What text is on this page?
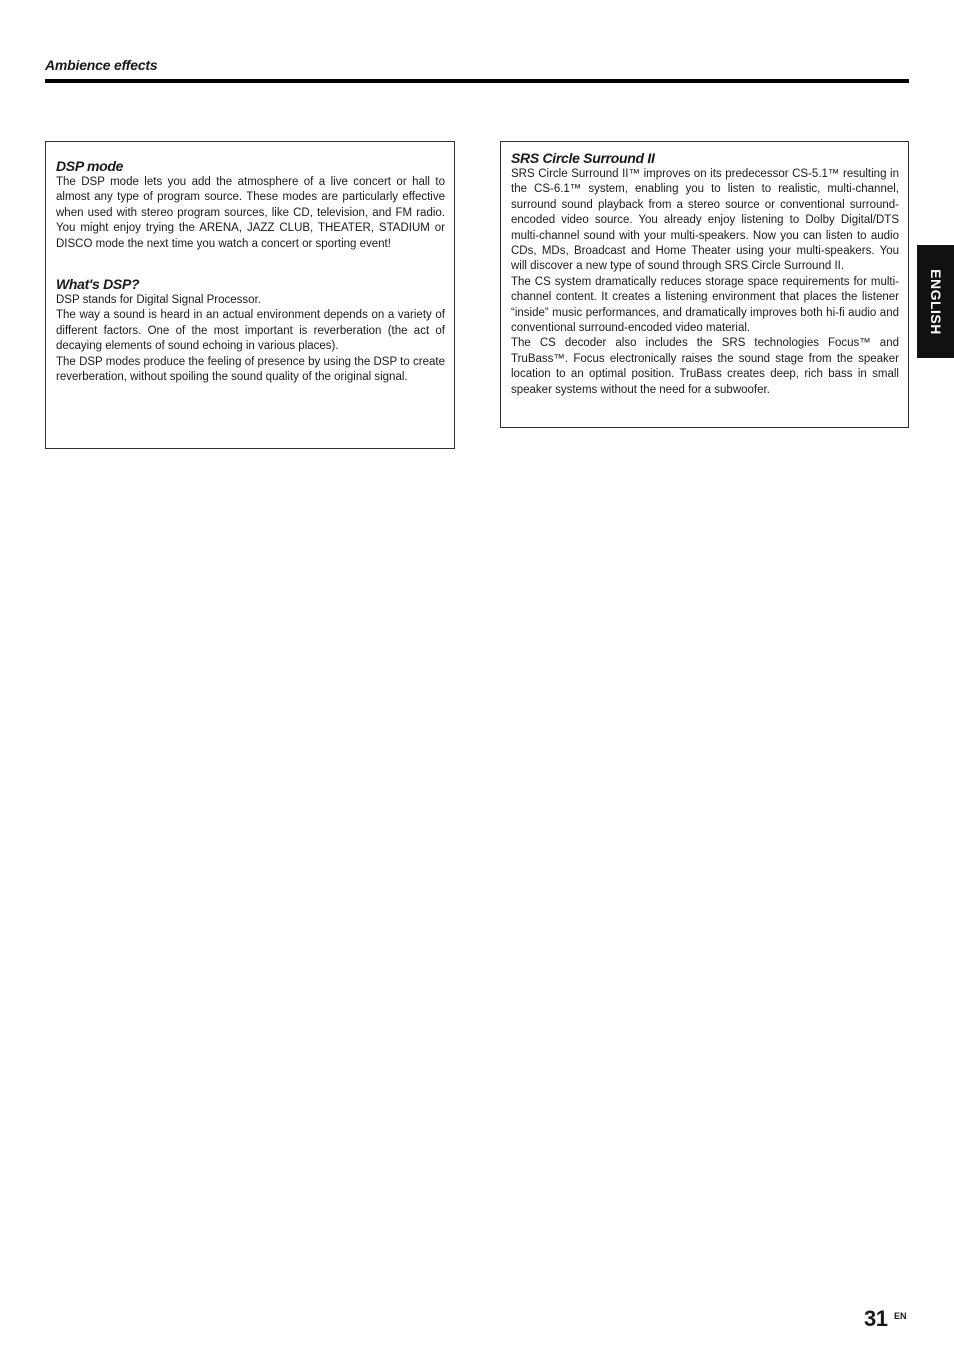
Ambience effects
DSP mode

The DSP mode lets you add the atmosphere of a live concert or hall to almost any type of program source. These modes are particularly effective when used with stereo program sources, like CD, television, and FM radio. You might enjoy trying the ARENA, JAZZ CLUB, THEATER, STADIUM or DISCO mode the next time you watch a concert or sporting event!

What's DSP?

DSP stands for Digital Signal Processor.

The way a sound is heard in an actual environment depends on a variety of different factors. One of the most important is reverberation (the act of decaying elements of sound echoing in various places).

The DSP modes produce the feeling of presence by using the DSP to create reverberation, without spoiling the sound quality of the original signal.

SRS Circle Surround II

SRS Circle Surround II™ improves on its predecessor CS-5.1™ resulting in the CS-6.1™ system, enabling you to listen to realistic, multi-channel, surround sound playback from a stereo source or conventional surround-encoded video source. You already enjoy listening to Dolby Digital/DTS multi-channel sound with your multi-speakers. Now you can listen to audio CDs, MDs, Broadcast and Home Theater using your multi-speakers. You will discover a new type of sound through SRS Circle Surround II.

The CS system dramatically reduces storage space requirements for multi-channel content. It creates a listening environment that places the listener “inside” music performances, and dramatically improves both hi-fi audio and conventional surround-encoded video material.

The CS decoder also includes the SRS technologies Focus™ and TruBass™. Focus electronically raises the sound stage from the speaker location to an optimal position. TruBass creates deep, rich bass in small speaker systems without the need for a subwoofer.

ENGLISH
31 EN
